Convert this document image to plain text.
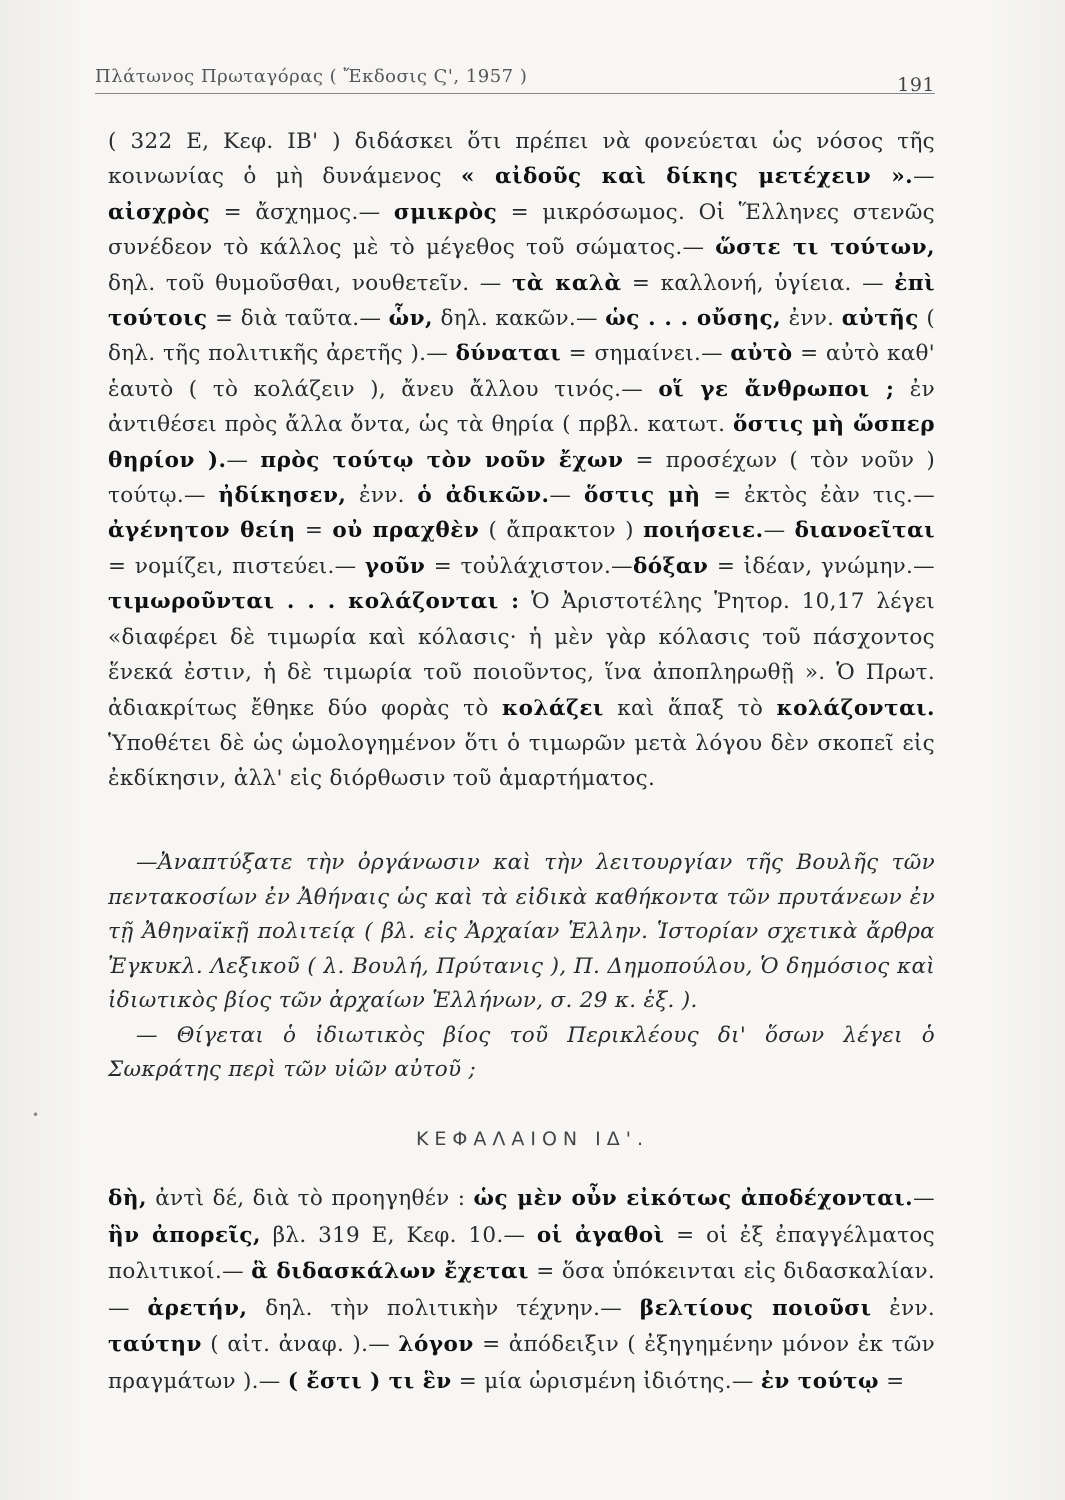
Πλάτωνος Πρωταγόρας ( Ἔκδοσις Ϛ', 1957 )	191
( 322 Ε, Κεφ. ΙΒ' ) διδάσκει ὅτι πρέπει νὰ φονεύεται ὡς νόσος τῆς κοινωνίας ὁ μὴ δυνάμενος « αἰδοῦς καὶ δίκης μετέχειν ».— αἰσχρὸς = ἄσχημος.— σμικρὸς = μικρόσωμος. Οἱ Ἕλληνες στενῶς συνέδεον τὸ κάλλος μὲ τὸ μέγεθος τοῦ σώματος.— ὥστε τι τούτων, δηλ. τοῦ θυμοῦσθαι, νουθετεῖν. — τὰ καλὰ = καλλονή, ὑγίεια. — ἐπὶ τούτοις = διὰ ταῦτα.— ὧν, δηλ. κακῶν.— ὡς . . . οὔσης, ἐνν. αὐτῆς ( δηλ. τῆς πολιτικῆς ἀρετῆς ).— δύναται = σημαίνει.— αὐτὸ = αὐτὸ καθ' ἑαυτὸ ( τὸ κολάζειν ), ἄνευ ἄλλου τινός.— οἵ γε ἄνθρωποι ; ἐν ἀντιθέσει πρὸς ἄλλα ὄντα, ὡς τὰ θηρία ( πρβλ. κατωτ. ὅστις μὴ ὥσπερ θηρίον ).— πρὸς τούτῳ τὸν νοῦν ἔχων = προσέχων ( τὸν νοῦν ) τούτῳ.— ἠδίκησεν, ἐνν. ὁ ἀδικῶν.— ὅστις μὴ = ἐκτὸς ἐὰν τις.— ἀγένητον θείη = οὐ πραχθὲν ( ἄπρακτον ) ποιήσειε.— διανοεῖται = νομίζει, πιστεύει.— γοῦν = τοὐλάχιστον.—δόξαν = ἰδέαν, γνώμην.— τιμωροῦνται . . . κολάζονται : Ὁ Ἀριστοτέλης Ῥητορ. 10,17 λέγει «διαφέρει δὲ τιμωρία καὶ κόλασις· ἡ μὲν γὰρ κόλασις τοῦ πάσχοντος ἕνεκά ἐστιν, ἡ δὲ τιμωρία τοῦ ποιοῦντος, ἵνα ἀποπληρωθῇ ». Ὁ Πρωτ. ἀδιακρίτως ἔθηκε δύο φορὰς τὸ κολάζει καὶ ἅπαξ τὸ κολάζονται. Ὑποθέτει δὲ ὡς ὡμολογημένον ὅτι ὁ τιμωρῶν μετὰ λόγου δὲν σκοπεῖ εἰς ἐκδίκησιν, ἀλλ' εἰς διόρθωσιν τοῦ ἁμαρτήματος.
—Ἀναπτύξατε τὴν ὀργάνωσιν καὶ τὴν λειτουργίαν τῆς Βουλῆς τῶν πεντακοσίων ἐν Ἀθήναις ὡς καὶ τὰ εἰδικὰ καθήκοντα τῶν πρυτάνεων ἐν τῇ Ἀθηναϊκῇ πολιτείᾳ ( βλ. εἰς Ἀρχαίαν Ἑλλην. Ἱστορίαν σχετικὰ ἄρθρα Ἐγκυκλ. Λεξικοῦ ( λ. Βουλή, Πρύτανις ), Π. Δημοπούλου, Ὁ δημόσιος καὶ ἰδιωτικὸς βίος τῶν ἀρχαίων Ἑλλήνων, σ. 29 κ. ἑξ. ).
— Θίγεται ὁ ἰδιωτικὸς βίος τοῦ Περικλέους δι' ὅσων λέγει ὁ Σωκράτης περὶ τῶν υἱῶν αὐτοῦ ;
•
ΚΕΦΑΛΑΙΟΝ ΙΔ'.
δὴ, ἀντὶ δέ, διὰ τὸ προηγηθέν : ὡς μὲν οὖν εἰκότως ἀποδέχονται.— ἣν ἀπορεῖς, βλ. 319 Ε, Κεφ. 10.— οἱ ἀγαθοὶ = οἱ ἐξ ἐπαγγέλματος πολιτικοί.— ἃ διδασκάλων ἔχεται = ὅσα ὑπόκεινται εἰς διδασκαλίαν.— ἀρετήν, δηλ. τὴν πολιτικὴν τέχνην.— βελτίους ποιοῦσι ἐνν. ταύτην ( αἰτ. ἀναφ. ).— λόγον = ἀπόδειξιν ( ἐξηγημένην μόνον ἐκ τῶν πραγμάτων ).— ( ἔστι ) τι ἓν = μία ὡρισμένη ἰδιότης.— ἐν τούτῳ =
